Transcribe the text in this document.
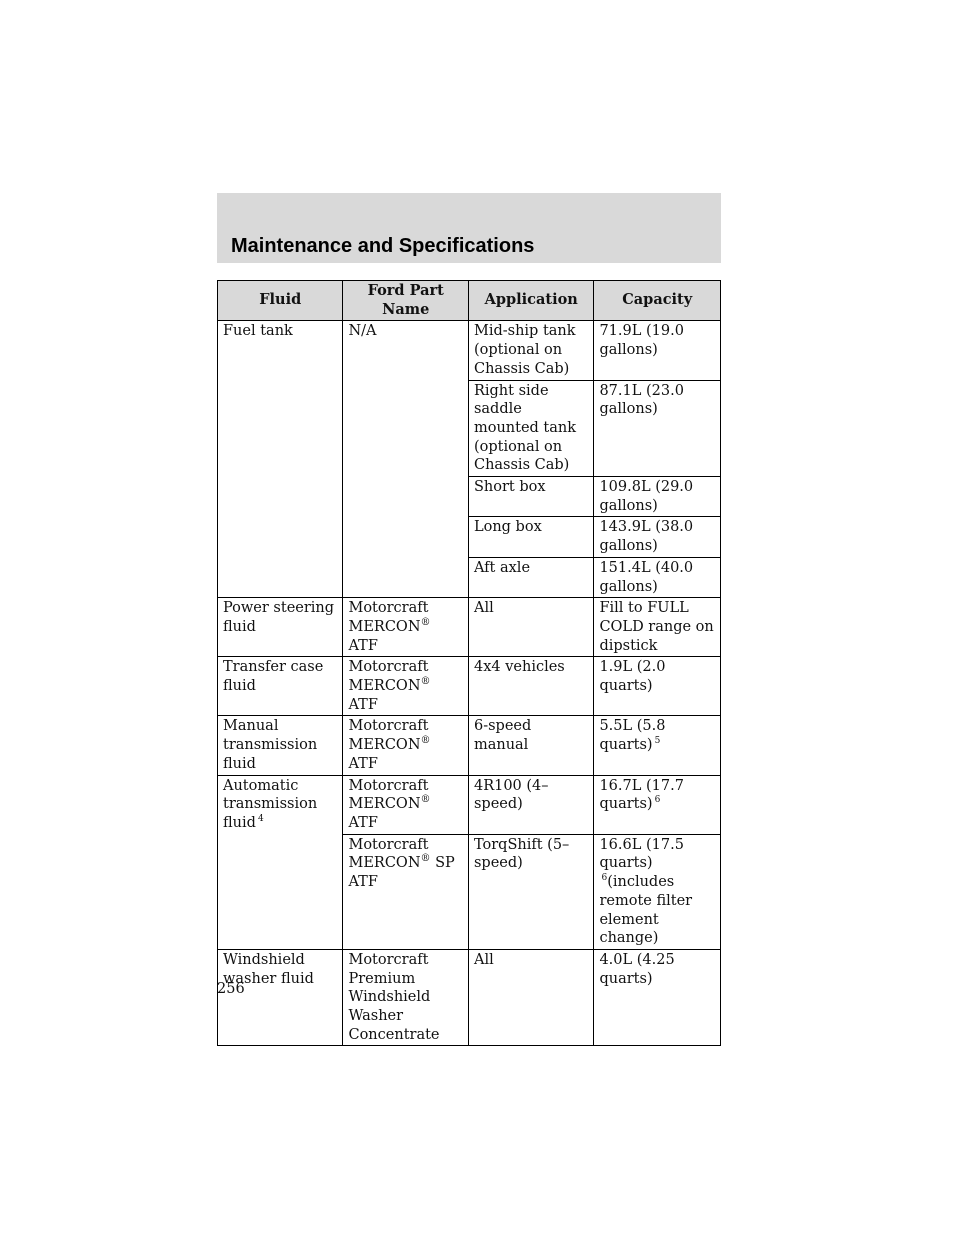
Maintenance and Specifications
Fluid	Ford Part Name	Application	Capacity
Fuel tank	N/A	Mid-ship tank (optional on Chassis Cab)	71.9L (19.0 gallons)
		Right side saddle mounted tank (optional on Chassis Cab)	87.1L (23.0 gallons)
		Short box	109.8L (29.0 gallons)
		Long box	143.9L (38.0 gallons)
		Aft axle	151.4L (40.0 gallons)
Power steering fluid	Motorcraft MERCON® ATF	All	Fill to FULL COLD range on dipstick
Transfer case fluid	Motorcraft MERCON® ATF	4x4 vehicles	1.9L (2.0 quarts)
Manual transmission fluid	Motorcraft MERCON® ATF	6-speed manual	5.5L (5.8 quarts) $^5$
Automatic transmission fluid $^4$	Motorcraft MERCON® ATF	4R100 (4–speed)	16.7L (17.7 quarts) $^6$
	Motorcraft MERCON® SP ATF	TorqShift (5–speed)	16.6L (17.5 quarts) $^6$(includes remote filter element change)
Windshield washer fluid	Motorcraft Premium Windshield Washer Concentrate	All	4.0L (4.25 quarts)
256
